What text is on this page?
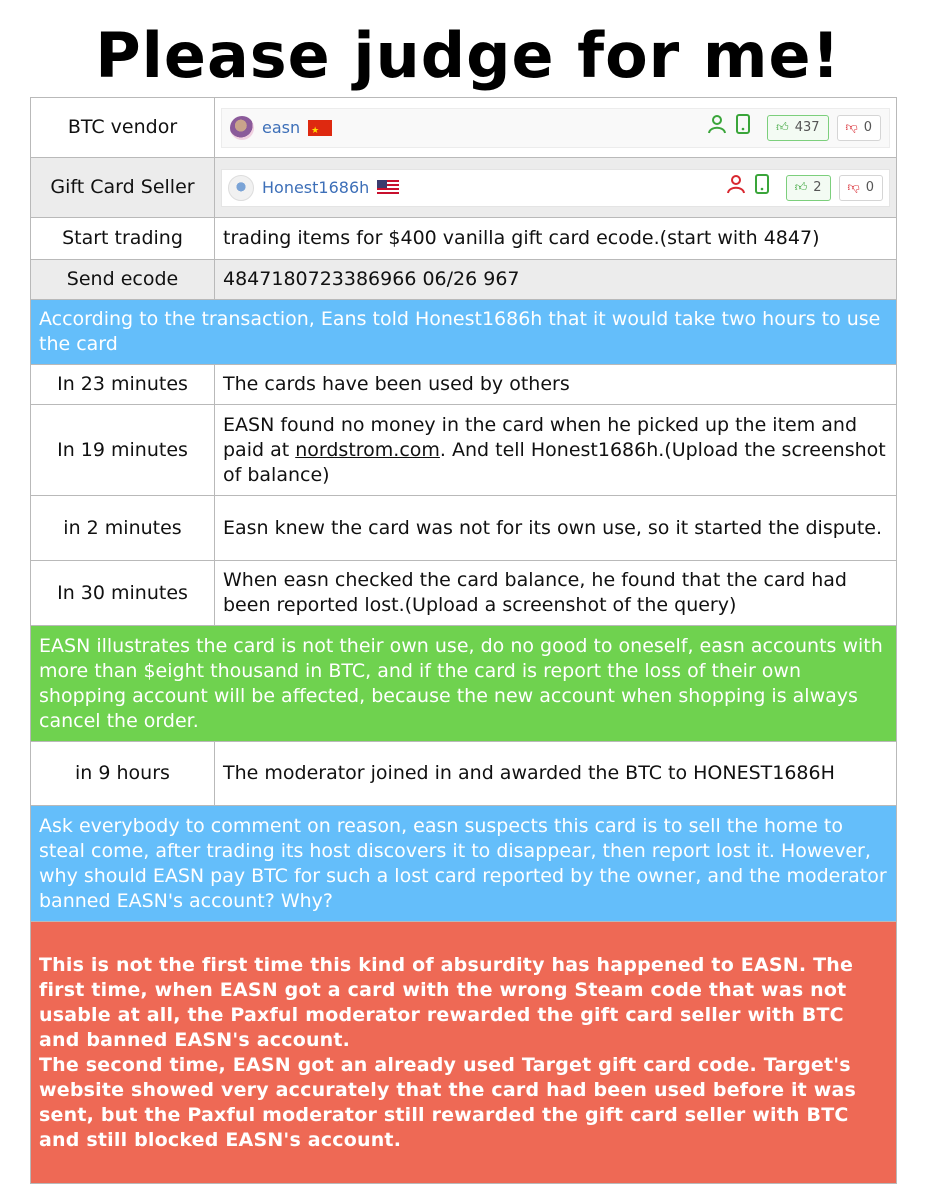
Please judge for me!
BTC vendor	easn ★ 👍︎ 437 👎︎ 0

Gift Card Seller	Honest1686h 👍︎ 2 👎︎ 0

Start trading	trading items for $400 vanilla gift card ecode.(start with 4847)
Send ecode	4847180723386966 06/26 967
According to the transaction, Eans told Honest1686h that it would take two hours to use the card	
In 23 minutes	The cards have been used by others
In 19 minutes	EASN found no money in the card when he picked up the item and paid at nordstrom.com. And tell Honest1686h.(Upload the screenshot of balance)
in 2 minutes	Easn knew the card was not for its own use, so it started the dispute.
In 30 minutes	When easn checked the card balance, he found that the card had been reported lost.(Upload a screenshot of the query)
EASN illustrates the card is not their own use, do no good to oneself, easn accounts with more than $eight thousand in BTC, and if the card is report the loss of their own shopping account will be affected, because the new account when shopping is always cancel the order.	
in 9 hours	The moderator joined in and awarded the BTC to HONEST1686H
Ask everybody to comment on reason, easn suspects this card is to sell the home to steal come, after trading its host discovers it to disappear, then report lost it. However, why should EASN pay BTC for such a lost card reported by the owner, and the moderator banned EASN's account? Why?	

This is not the first time this kind of absurdity has happened to EASN. The first time, when EASN got a card with the wrong Steam code that was not usable at all, the Paxful moderator rewarded the gift card seller with BTC and banned EASN's account.
The second time, EASN got an already used Target gift card code. Target's website showed very accurately that the card had been used before it was sent, but the Paxful moderator still rewarded the gift card seller with BTC and still blocked EASN's account.	
